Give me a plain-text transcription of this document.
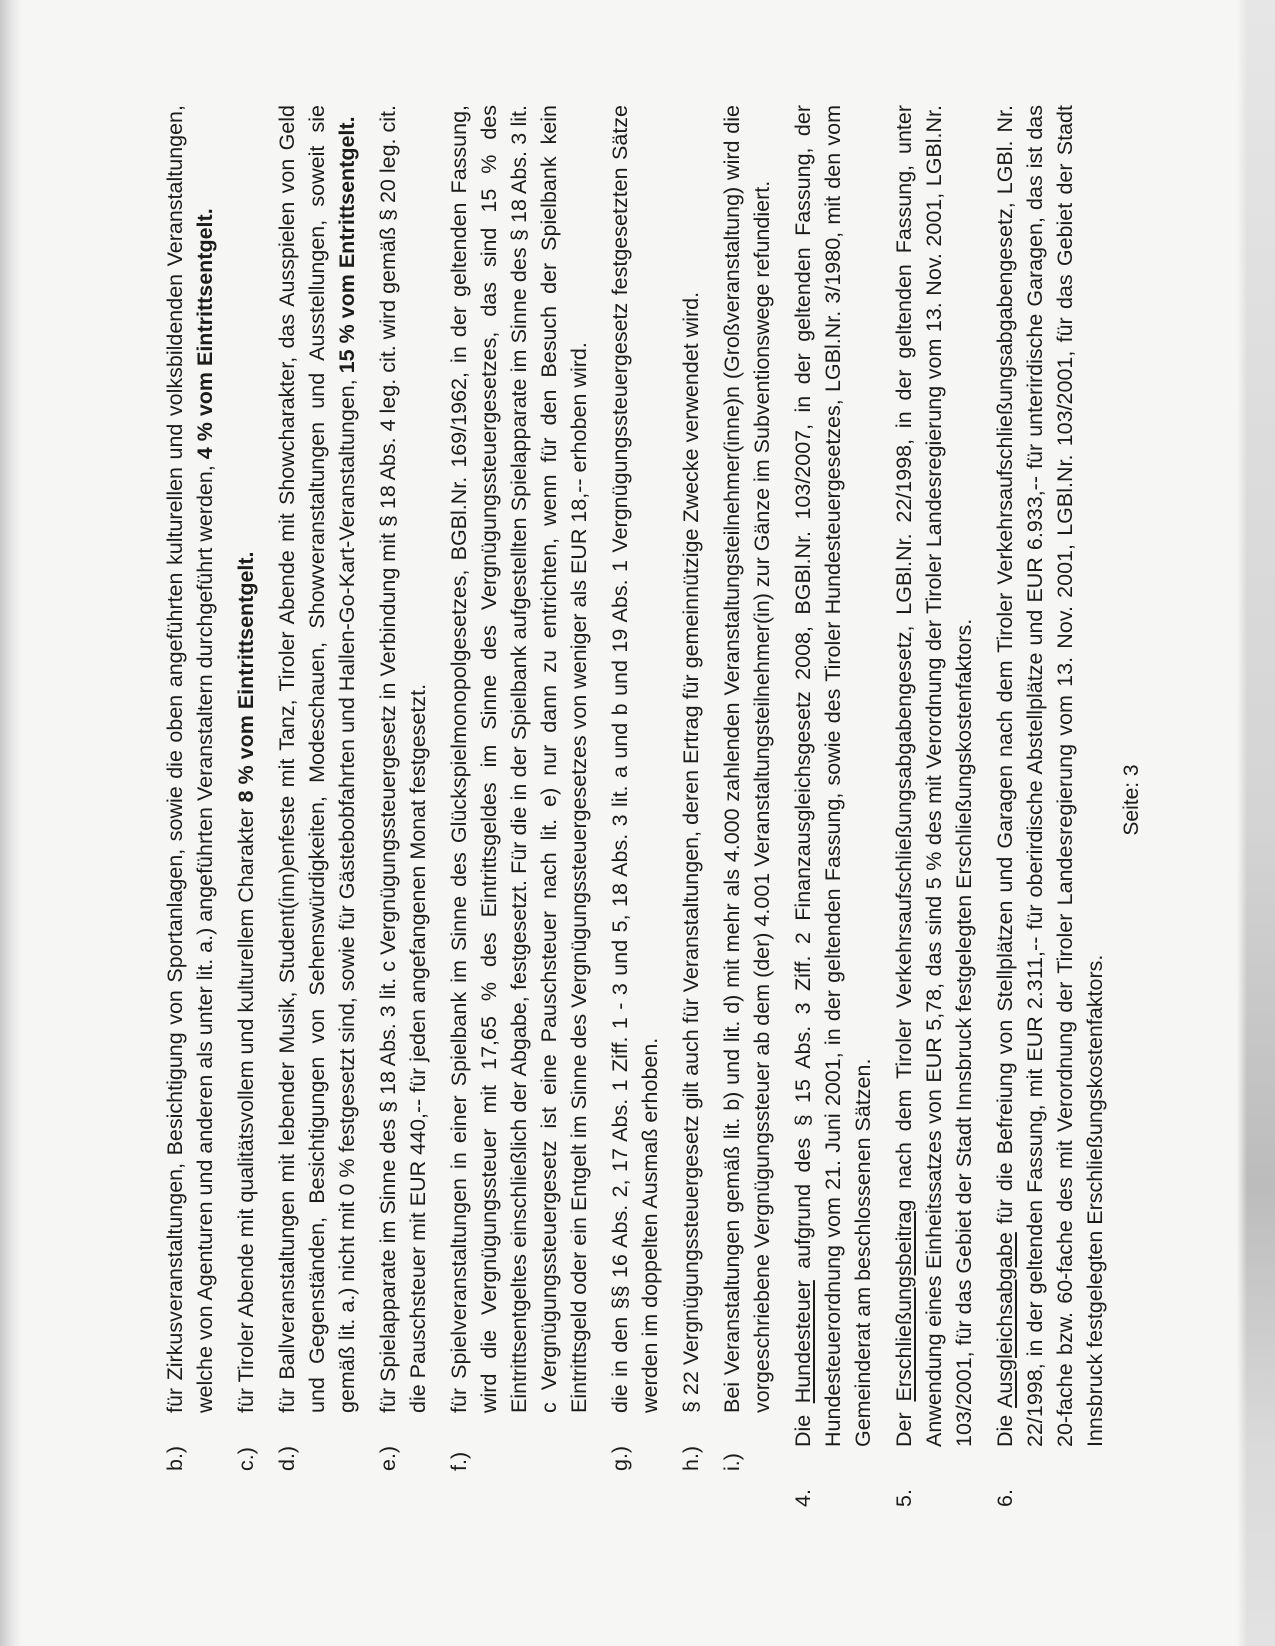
b.)
für Zirkusveranstaltungen, Besichtigung von Sportanlagen, sowie die oben angeführten kulturellen und volksbildenden Veranstaltungen, welche von Agenturen und anderen als unter lit. a.) angeführten Veranstaltern durchgeführt werden, 4 % vom Eintrittsentgelt.
c.)
für Tiroler Abende mit qualitätsvollem und kulturellem Charakter 8 % vom Eintrittsentgelt.
d.)
für Ballveranstaltungen mit lebender Musik, Student(inn)enfeste mit Tanz, Tiroler Abende mit Showcharakter, das Ausspielen von Geld und Gegenständen, Besichtigungen von Sehenswürdigkeiten, Modeschauen, Showveranstaltungen und Ausstellungen, soweit sie gemäß lit. a.) nicht mit 0 % festgesetzt sind, sowie für Gästebobfahrten und Hallen-Go-Kart-Veranstaltungen, 15 % vom Entrittsentgelt.
e.)
für Spielapparate im Sinne des § 18 Abs. 3 lit. c Vergnügungssteuergesetz in Verbindung mit § 18 Abs. 4 leg. cit. wird gemäß § 20 leg. cit. die Pauschsteuer mit EUR 440,-- für jeden angefangenen Monat festgesetzt.
f.)
für Spielveranstaltungen in einer Spielbank im Sinne des Glückspielmonopolgesetzes, BGBl.Nr. 169/1962, in der geltenden Fassung, wird die Vergnügungssteuer mit 17,65 % des Eintrittsgeldes im Sinne des Vergnügungssteuergesetzes, das sind 15 % des Eintrittsentgeltes einschließlich der Abgabe, festgesetzt. Für die in der Spielbank aufgestellten Spielapparate im Sinne des § 18 Abs. 3 lit. c Vergnügungssteuergesetz ist eine Pauschsteuer nach lit. e) nur dann zu entrichten, wenn für den Besuch der Spielbank kein Eintrittsgeld oder ein Entgelt im Sinne des Vergnügungssteuergesetzes von weniger als EUR 18,-- erhoben wird.
g.)
die in den §§ 16 Abs. 2, 17 Abs. 1 Ziff. 1 - 3 und 5, 18 Abs. 3 lit. a und b und 19 Abs. 1 Vergnügungssteuergesetz festgesetzten Sätze werden im doppelten Ausmaß erhoben.
h.)
§ 22 Vergnügungssteuergesetz gilt auch für Veranstaltungen, deren Ertrag für gemeinnützige Zwecke verwendet wird.
i.)
Bei Veranstaltungen gemäß lit. b) und lit. d) mit mehr als 4.000 zahlenden Veranstaltungsteilnehmer(inne)n (Großveranstaltung) wird die vorgeschriebene Vergnügungssteuer ab dem (der) 4.001 Veranstaltungsteilnehmer(in) zur Gänze im Subventionswege refundiert.
4.
Die Hundesteuer aufgrund des § 15 Abs. 3 Ziff. 2 Finanzausgleichsgesetz 2008, BGBl.Nr. 103/2007, in der geltenden Fassung, der Hundesteuerordnung vom 21. Juni 2001, in der geltenden Fassung, sowie des Tiroler Hundesteuergesetzes, LGBl.Nr. 3/1980, mit den vom Gemeinderat am beschlossenen Sätzen.
5.
Der Erschließungsbeitrag nach dem Tiroler Verkehrsaufschließungsabgabengesetz, LGBl.Nr. 22/1998, in der geltenden Fassung, unter Anwendung eines Einheitssatzes von EUR 5,78, das sind 5 % des mit Verordnung der Tiroler Landesregierung vom 13. Nov. 2001, LGBl.Nr. 103/2001, für das Gebiet der Stadt Innsbruck festgelegten Erschließungskostenfaktors.
6.
Die Ausgleichsabgabe für die Befreiung von Stellplätzen und Garagen nach dem Tiroler Verkehrsaufschließungsabgabengesetz, LGBl. Nr. 22/1998, in der geltenden Fassung, mit EUR 2.311,-- für oberirdische Abstellplätze und EUR 6.933,-- für unterirdische Garagen, das ist das 20-fache bzw. 60-fache des mit Verordnung der Tiroler Landesregierung vom 13. Nov. 2001, LGBl.Nr. 103/2001, für das Gebiet der Stadt Innsbruck festgelegten Erschließungskostenfaktors.
Seite: 3
